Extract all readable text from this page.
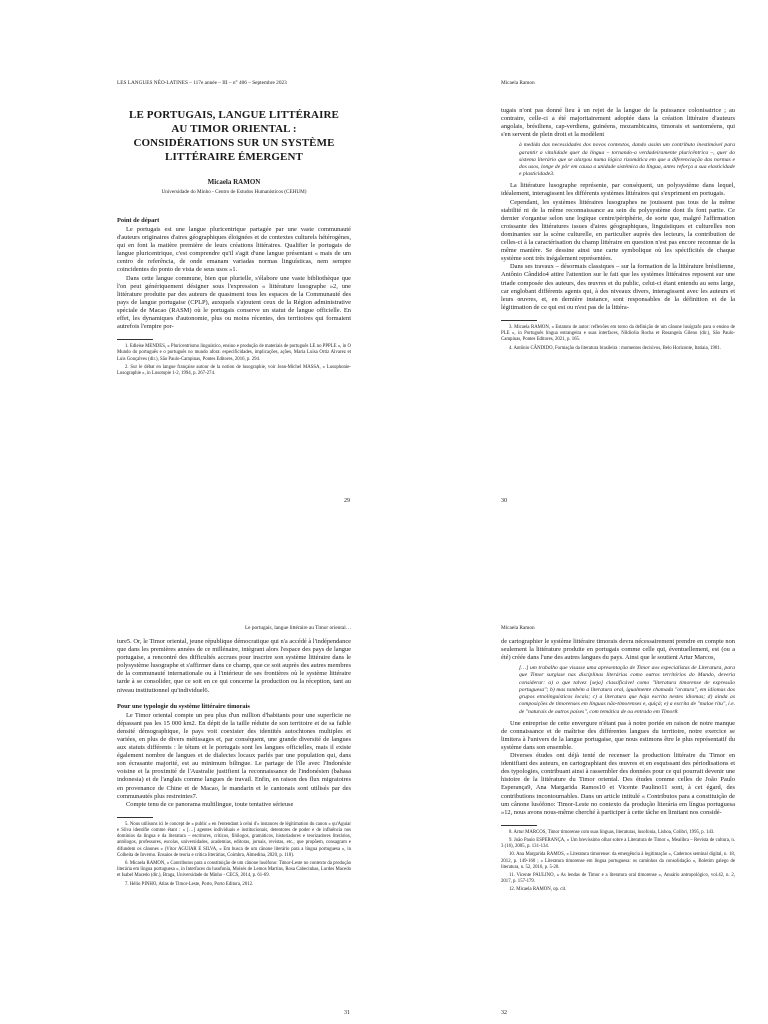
LES LANGUES NÉO-LATINES – 117e année – III – n° 406 – Septembre 2023
LE PORTUGAIS, LANGUE LITTÉRAIRE
AU TIMOR ORIENTAL :
CONSIDÉRATIONS SUR UN SYSTÈME
LITTÉRAIRE ÉMERGENT
Micaela RAMON
Universidade do Minho - Centro de Estudos Humanísticos (CEHUM)
Point de départ

Le portugais est une langue pluricentrique partagée par une vaste communauté d'auteurs originaires d'aires géographiques éloignées et de contextes culturels hétérogènes, qui en font la matière première de leurs créations littéraires. Qualifier le portugais de langue pluricentrique, c'est comprendre qu'il s'agit d'une langue présentant « mais de um centro de referência, de onde emanam variadas normas linguísticas, nem sempre coincidentes do ponto de vista de seus usos »1.

Dans cette langue commune, bien que plurielle, s'élabore une vaste bibliothèque que l'on peut génériquement désigner sous l'expression « littérature lusographe »2, une littérature produite par des auteurs de quasiment tous les espaces de la Communauté des pays de langue portugaise (CPLP), auxquels s'ajoutent ceux de la Région administrative spéciale de Macao (RASM) où le portugais conserve un statut de langue officielle. En effet, les dynamiques d'autonomie, plus ou moins récentes, des territoires qui formaient autrefois l'empire por-

1. Edleise MENDES, « Pluricentrismo linguístico, ensino e produção de materiais de português LE no PPPLE », in O Mundo do português e o português no mundo afora: especificidades, implicações, ações, Maria Luisa Ortiz Alvarez et Luis Gonçalves (dir.), São Paulo-Campinas, Pontes Editores, 2016, p. 294.

2. Sur le débat en langue française autour de la notion de lusographie, voir Jean-Michel MASSA, « Lusophonie-Lusographie », in Lusotopie 1-2, 1994, p. 267-274.

29
Micaela Ramon

tugais n'ont pas donné lieu à un rejet de la langue de la puissance colonisatrice ; au contraire, celle-ci a été majoritairement adoptée dans la création littéraire d'auteurs angolais, brésiliens, cap-verdiens, guinéens, mozambicains, timorais et santoméens, qui s'en servent de plein droit et la modèlent

à medida das necessidades dos novos contextos, dando assim um contributo inestimável para garantir a vitalidade quer da língua – tornando-a verdadeiramente pluricêntrica –, quer do sistema literário que se alargou numa lógica rizomática em que a diferenciação das normas e dos usos, longe de pôr em causa a unidade sistémica da língua, antes reforça a sua elasticidade e plasticidade3.

La littérature lusographe représente, par conséquent, un polysystème dans lequel, idéalement, interagissent les différents systèmes littéraires qui s'expriment en portugais.

Cependant, les systèmes littéraires lusographes ne jouissent pas tous de la même stabilité ni de la même reconnaissance au sein du polysystème dont ils font partie. Ce dernier s'organise selon une logique centre/périphérie, de sorte que, malgré l'affirmation croissante des littératures issues d'aires géographiques, linguistiques et culturelles non dominantes sur la scène culturelle, en particulier auprès des lecteurs, la contribution de celles-ci à la caractérisation du champ littéraire en question n'est pas encore reconnue de la même manière. Se dessine ainsi une carte symbolique où les spécificités de chaque système sont très inégalement représentées.

Dans ses travaux – désormais classiques – sur la formation de la littérature brésilienne, Antônio Cândido4 attire l'attention sur le fait que les systèmes littéraires reposent sur une triade composée des auteurs, des œuvres et du public, celui-ci étant entendu au sens large, car englobant différents agents qui, à des niveaux divers, interagissent avec les auteurs et leurs œuvres, et, en dernière instance, sont responsables de la définition et de la légitimation de ce qui est ou n'est pas de la littéra-

3. Micaela RAMON, « Estatuto de autor: reflexões em torno da definição de um cânone lusógrafo para o ensino de PLE », in Português língua estrangeira e suas interfaces, Nildicéia Rocha et Rosangela Gileno (dir.), São Paulo-Campinas, Pontes Editores, 2021, p. 165.

4. Antônio CÂNDIDO, Formação da literatura brasileira : momentos decisivos, Belo Horizonte, Itatiaia, 1981.

30
Le portugais, langue littéraire au Timor oriental…

ture5. Or, le Timor oriental, jeune république démocratique qui n'a accédé à l'indépendance que dans les premières années de ce millénaire, intègrant alors l'espace des pays de langue portugaise, a rencontré des difficultés accrues pour inscrire son système littéraire dans le polysystème lusographe et s'affirmer dans ce champ, que ce soit auprès des autres membres de la communauté internationale ou à l'intérieur de ses frontières où le système littéraire tarde à se consolider, que ce soit en ce qui concerne la production ou la réception, tant au niveau institutionnel qu'individuel6.

Pour une typologie du système littéraire timorais

Le Timor oriental compte un peu plus d'un million d'habitants pour une superficie ne dépassant pas les 15 000 km2. En dépit de la taille réduite de son territoire et de sa faible densité démographique, le pays voit coexister des identités autochtones multiples et variées, en plus de divers métissages et, par conséquent, une grande diversité de langues aux statuts différents : le tétum et le portugais sont les langues officielles, mais il existe également nombre de langues et de dialectes locaux parlés par une population qui, dans son écrasante majorité, est au minimum bilingue. Le partage de l'île avec l'Indonésie voisine et la proximité de l'Australie justifient la reconnaissance de l'indonésien (bahasa indonesia) et de l'anglais comme langues de travail. Enfin, en raison des flux migratoires en provenance de Chine et de Macao, le mandarin et le cantonais sont utilisés par des communautés plus restreintes7.

Compte tenu de ce panorama multilingue, toute tentative sérieuse

5. Nous utilisons ici le concept de « public » en l'entendant à celui d'« instances de légitimation du canon » qu'Aguiar e Silva identifie comme étant : « […] agentes individuais e institucionais, detentores de poder e de influência nos domínios da língua e da literatura – escritores, críticos, filólogos, gramáticos, historiadores e teorizadores literários, antólogos, professores, escolas, universidades, academias, editoras, jornais, revistas, etc., que propõem, consagram e difundem os cânones » (Vítor AGUIAR E SILVA, « Em busca de um cânone literário para a língua portuguesa », in Colheita de Inverno. Ensaios de teoria e crítica literárias, Coimbra, Almedina, 2020, p. 118).

6. Micaela RAMON, « Contributos para a constituição de um cânone lusófono: Timor-Leste no contexto da produção literária em língua portuguesa », in Interfaces da lusofonia, Moisés de Lemos Martins, Rosa Cabecinhas, Lurdes Macedo et Isabel Macedo (dir.), Braga, Universidade do Minho - CECS, 2014, p. 61-69.

7. Hélio PINHO, Atlas de Timor-Leste, Porto, Porto Editora, 2012.

31
Micaela Ramon

de cartographier le système littéraire timorais devra nécessairement prendre en compte non seulement la littérature produite en portugais comme celle qui, éventuellement, est (ou a été) créée dans l'une des autres langues du pays. Ainsi que le soutient Artur Marcos,

[…] um trabalho que visasse uma apresentação de Timor aos especialistas de Literatura, para que Timor surgisse nas disciplinas literárias como outros territórios do Mundo, deveria considerar: a) o que talvez [seja] classificável como "literatura timorense de expressão portuguesa"; b) mas também a literatura oral, igualmente chamada "oratura", em idiomas dos grupos etnolinguísticos locais; c) a literatura que haja escrita nestes idiomas; d) ainda as composições de timorenses em línguas não-timorenses e, quiçá; e) a escrita de "malae ritu", i.e. de "naturais de outros países", com temática de ou entrado em Timor8.

Une entreprise de cette envergure n'étant pas à notre portée en raison de notre manque de connaissance et de maîtrise des différentes langues du territoire, notre exercice se limitera à l'univers de la langue portugaise, que nous estimons être le plus représentatif du système dans son ensemble.

Diverses études ont déjà tenté de recenser la production littéraire du Timor en identifiant des auteurs, en cartographiant des œuvres et en esquissant des périodisations et des typologies, contribuant ainsi à rassembler des données pour ce qui pourrait devenir une histoire de la littérature du Timor oriental. Des études comme celles de João Paulo Esperança9, Ana Margarida Ramos10 et Vicente Paulino11 sont, à cet égard, des contributions incontournables. Dans un article intitulé « Contributos para a constituição de um cânone lusófono: Timor-Leste no contexto da produção literária em língua portuguesa »12, nous avons nous-même cherché à participer à cette tâche en limitant nos considé-

8. Artur MARCOS, Timor timorense com suas línguas, literaturas, lusofonia, Lisboa, Colibri, 1995, p. 143.

9. João Paulo ESPERANÇA, « Um brevíssimo olhar sobre a Literatura de Timor », Mealibra – Revista de cultura, n. 3 (16), 2005, p. 131-134.

10. Ana Margarida RAMOS, « Literatura timorense: da emergência à legitimação », Cadernos seminal digital, n. 18, 2012, p. 149-160 ; « Literatura timorense em língua portuguesa: os caminhos da consolidação », Boletim galego de literatura, n. 52, 2016, p. 5-20.

11. Vicente PAULINO, « As lendas de Timor e a literatura oral timorense », Anuário antropológico, vol.42, n. 2, 2017, p. 157-179.

12. Micaela RAMON, op. cit.

32
